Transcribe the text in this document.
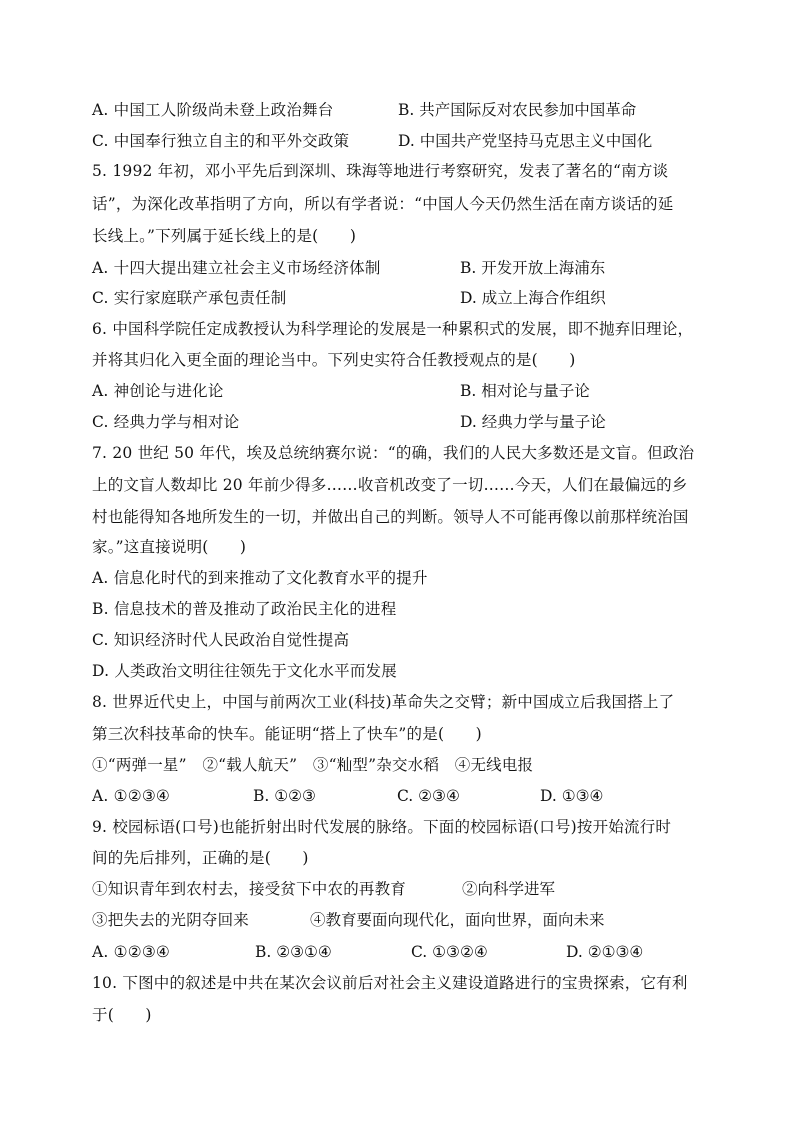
A. 中国工人阶级尚未登上政治舞台	B. 共产国际反对农民参加中国革命
C. 中国奉行独立自主的和平外交政策	D. 中国共产党坚持马克思主义中国化
5. 1992 年初，邓小平先后到深圳、珠海等地进行考察研究，发表了著名的“南方谈
话”，为深化改革指明了方向，所以有学者说：“中国人今天仍然生活在南方谈话的延
长线上。”下列属于延长线上的是(　　)
A. 十四大提出建立社会主义市场经济体制	B. 开发开放上海浦东
C. 实行家庭联产承包责任制	D. 成立上海合作组织
6. 中国科学院任定成教授认为科学理论的发展是一种累积式的发展，即不抛弃旧理论，
并将其归化入更全面的理论当中。下列史实符合任教授观点的是(　　)
A. 神创论与进化论	B. 相对论与量子论
C. 经典力学与相对论	D. 经典力学与量子论
7. 20 世纪 50 年代，埃及总统纳赛尔说：“的确，我们的人民大多数还是文盲。但政治
上的文盲人数却比 20 年前少得多……收音机改变了一切……今天，人们在最偏远的乡
村也能得知各地所发生的一切，并做出自己的判断。领导人不可能再像以前那样统治国
家。”这直接说明(　　)
A. 信息化时代的到来推动了文化教育水平的提升
B. 信息技术的普及推动了政治民主化的进程
C. 知识经济时代人民政治自觉性提高
D. 人类政治文明往往领先于文化水平而发展
8. 世界近代史上，中国与前两次工业(科技)革命失之交臂；新中国成立后我国搭上了
第三次科技革命的快车。能证明“搭上了快车”的是(　　)
①“两弹一星”　②“载人航天”　③“籼型”杂交水稻　④无线电报
A. ①②③④	B. ①②③	C. ②③④	D. ①③④
9. 校园标语(口号)也能折射出时代发展的脉络。下面的校园标语(口号)按开始流行时
间的先后排列，正确的是(　　)
①知识青年到农村去，接受贫下中农的再教育	②向科学进军
③把失去的光阴夺回来	④教育要面向现代化，面向世界，面向未来
A. ①②③④	B. ②③①④	C. ①③②④	D. ②①③④
10. 下图中的叙述是中共在某次会议前后对社会主义建设道路进行的宝贵探索，它有利
于(　　)
